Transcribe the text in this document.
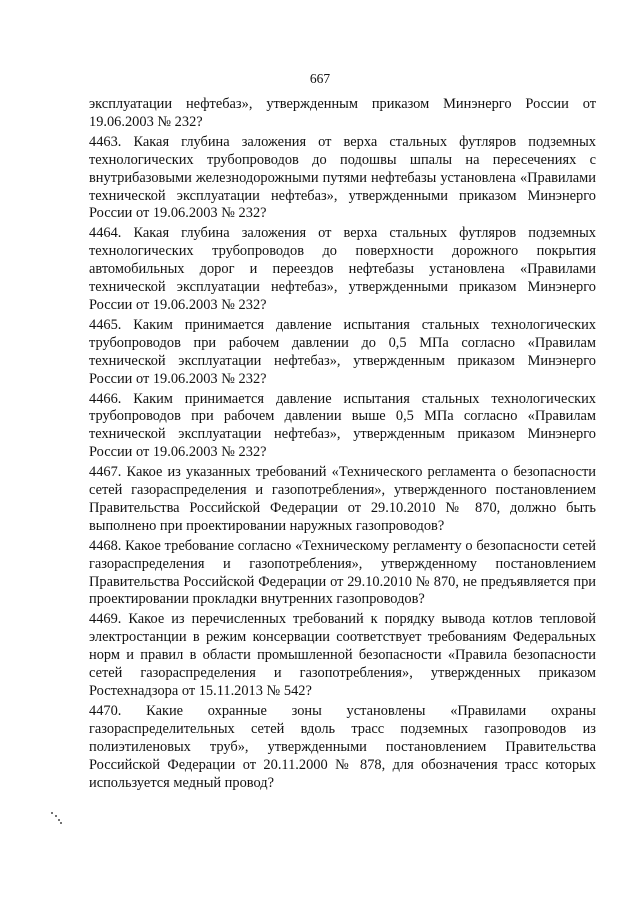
667

эксплуатации нефтебаз», утвержденным приказом Минэнерго России от 19.06.2003 № 232?

4463. Какая глубина заложения от верха стальных футляров подземных технологических трубопроводов до подошвы шпалы на пересечениях с внутрибазовыми железнодорожными путями нефтебазы установлена «Правилами технической эксплуатации нефтебаз», утвержденными приказом Минэнерго России от 19.06.2003 № 232?

4464. Какая глубина заложения от верха стальных футляров подземных технологических трубопроводов до поверхности дорожного покрытия автомобильных дорог и переездов нефтебазы установлена «Правилами технической эксплуатации нефтебаз», утвержденными приказом Минэнерго России от 19.06.2003 № 232?

4465. Каким принимается давление испытания стальных технологических трубопроводов при рабочем давлении до 0,5 МПа согласно «Правилам технической эксплуатации нефтебаз», утвержденным приказом Минэнерго России от 19.06.2003 № 232?

4466. Каким принимается давление испытания стальных технологических трубопроводов при рабочем давлении выше 0,5 МПа согласно «Правилам технической эксплуатации нефтебаз», утвержденным приказом Минэнерго России от 19.06.2003 № 232?

4467. Какое из указанных требований «Технического регламента о безопасности сетей газораспределения и газопотребления», утвержденного постановлением Правительства Российской Федерации от 29.10.2010 № 870, должно быть выполнено при проектировании наружных газопроводов?

4468. Какое требование согласно «Техническому регламенту о безопасности сетей газораспределения и газопотребления», утвержденному постановлением Правительства Российской Федерации от 29.10.2010 № 870, не предъявляется при проектировании прокладки внутренних газопроводов?

4469. Какое из перечисленных требований к порядку вывода котлов тепловой электростанции в режим консервации соответствует требованиям Федеральных норм и правил в области промышленной безопасности «Правила безопасности сетей газораспределения и газопотребления», утвержденных приказом Ростехнадзора от 15.11.2013 № 542?

4470. Какие охранные зоны установлены «Правилами охраны газораспределительных сетей вдоль трасс подземных газопроводов из полиэтиленовых труб», утвержденными постановлением Правительства Российской Федерации от 20.11.2000 № 878, для обозначения трасс которых используется медный провод?
